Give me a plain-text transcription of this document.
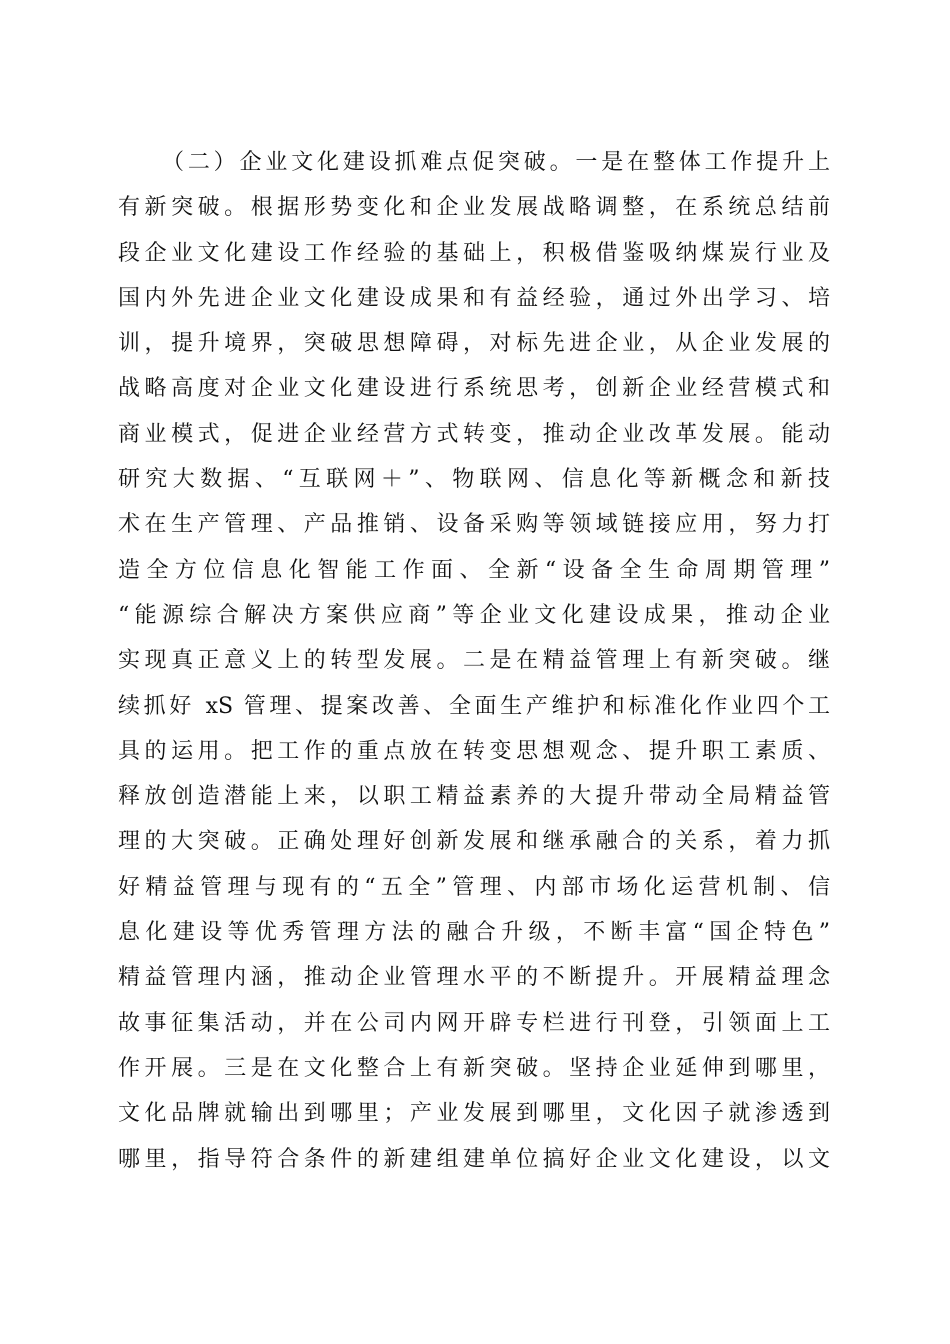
（二）企业文化建设抓难点促突破。一是在整体工作提升上
有新突破。根据形势变化和企业发展战略调整，在系统总结前
段企业文化建设工作经验的基础上，积极借鉴吸纳煤炭行业及
国内外先进企业文化建设成果和有益经验，通过外出学习、培
训，提升境界，突破思想障碍，对标先进企业，从企业发展的
战略高度对企业文化建设进行系统思考，创新企业经营模式和
商业模式，促进企业经营方式转变，推动企业改革发展。能动
研究大数据、“互联网＋”、物联网、信息化等新概念和新技
术在生产管理、产品推销、设备采购等领域链接应用，努力打
造全方位信息化智能工作面、全新“设备全生命周期管理”
“能源综合解决方案供应商”等企业文化建设成果，推动企业
实现真正意义上的转型发展。二是在精益管理上有新突破。继
续抓好 xS 管理、提案改善、全面生产维护和标准化作业四个工
具的运用。把工作的重点放在转变思想观念、提升职工素质、
释放创造潜能上来，以职工精益素养的大提升带动全局精益管
理的大突破。正确处理好创新发展和继承融合的关系，着力抓
好精益管理与现有的“五全”管理、内部市场化运营机制、信
息化建设等优秀管理方法的融合升级，不断丰富“国企特色”
精益管理内涵，推动企业管理水平的不断提升。开展精益理念
故事征集活动，并在公司内网开辟专栏进行刊登，引领面上工
作开展。三是在文化整合上有新突破。坚持企业延伸到哪里，
文化品牌就输出到哪里；产业发展到哪里，文化因子就渗透到
哪里，指导符合条件的新建组建单位搞好企业文化建设，以文
